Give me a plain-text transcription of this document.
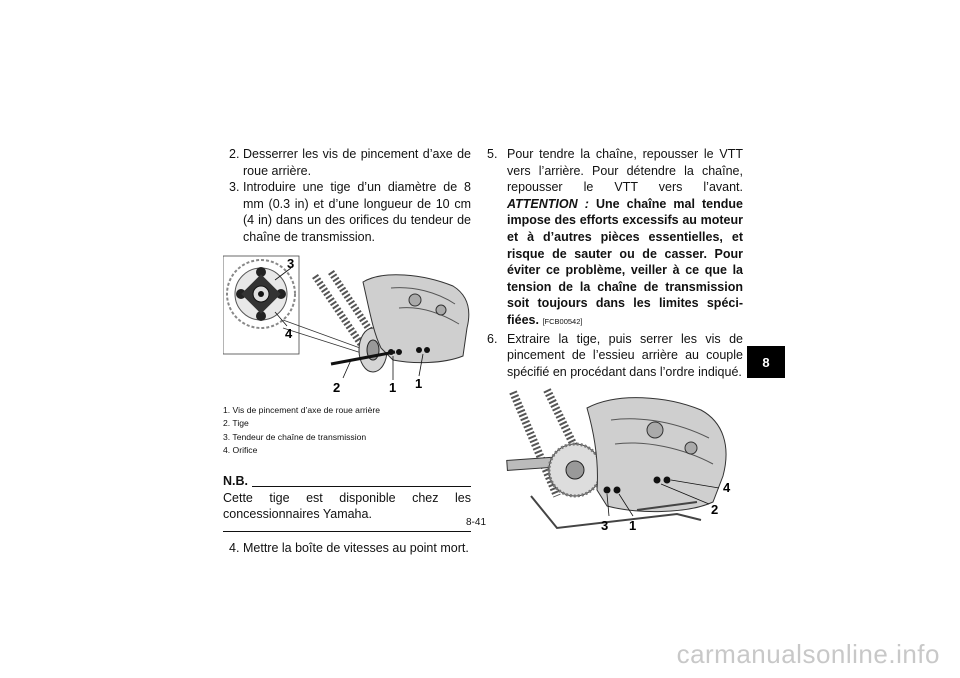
2. Desserrer les vis de pincement d’axe de roue arrière.
3. Introduire une tige d’un diamètre de 8 mm (0.3 in) et d’une longueur de 10 cm (4 in) dans un des orifices du tendeur de chaîne de transmission.
3
4
2	1 1
1. Vis de pincement d’axe de roue arrière
2. Tige
3. Tendeur de chaîne de transmission
4. Orifice
N.B.
Cette tige est disponible chez les concessionnaires Yamaha.
4. Mettre la boîte de vitesses au point mort.
5. Pour tendre la chaîne, repousser le VTT vers l’arrière. Pour détendre la chaîne, repousser le VTT vers l’avant. ATTENTION : Une chaîne mal tendue impose des efforts excessifs au moteur et à d’autres pièces essentielles, et risque de sauter ou de casser. Pour éviter ce problème, veiller à ce que la tension de la chaîne de transmission soit toujours dans les limites spécifiées. [FCB00542]
6. Extraire la tige, puis serrer les vis de pincement de l’essieu arrière au couple spécifié en procédant dans l’ordre indiqué.
4
2
3 1
8-41
8
carmanualsonline.info
